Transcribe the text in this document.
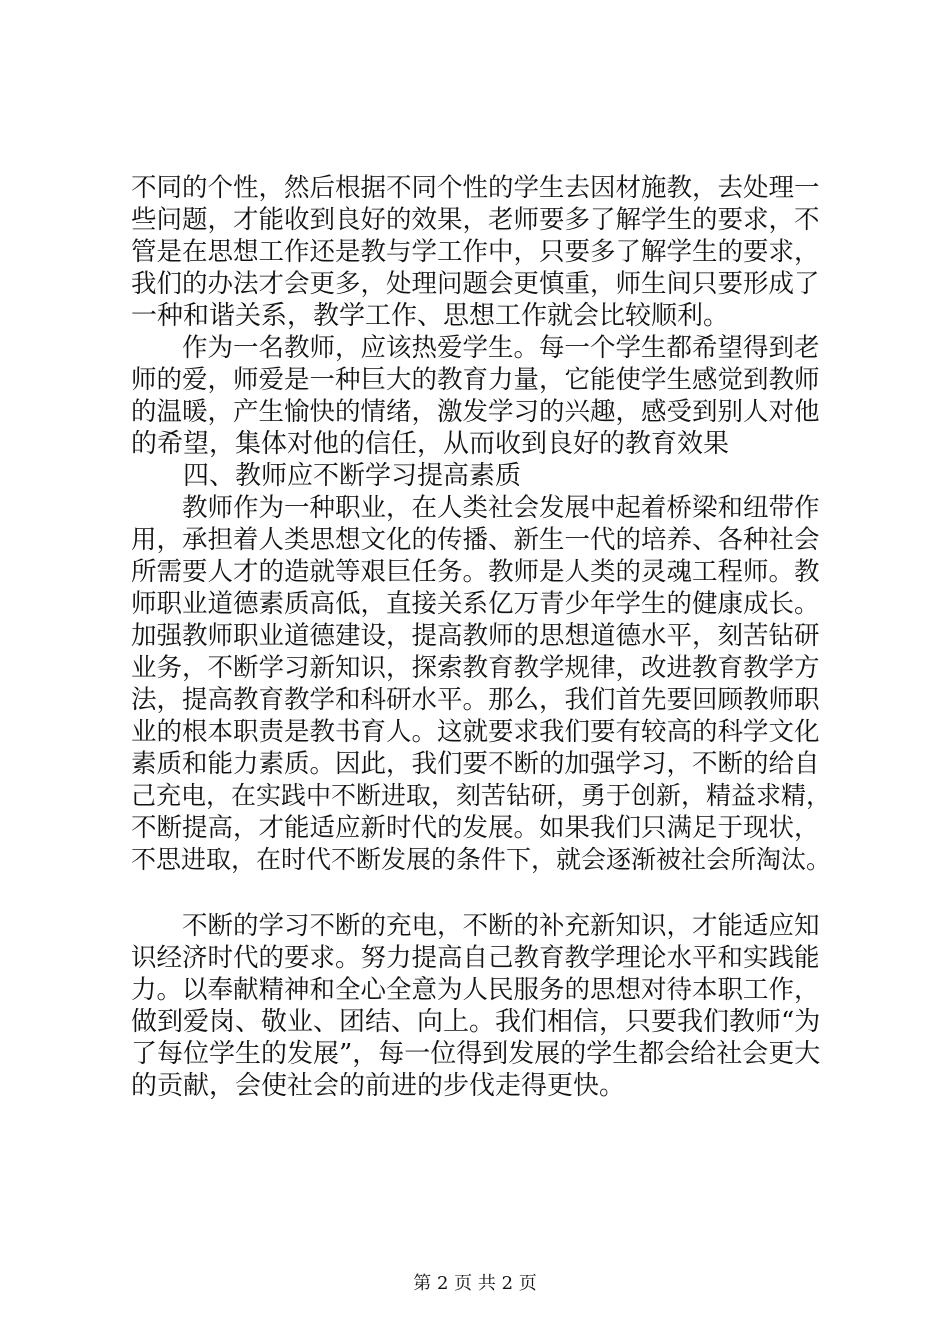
不同的个性，然后根据不同个性的学生去因材施教，去处理一
些问题，才能收到良好的效果，老师要多了解学生的要求，不
管是在思想工作还是教与学工作中，只要多了解学生的要求，
我们的办法才会更多，处理问题会更慎重，师生间只要形成了
一种和谐关系，教学工作、思想工作就会比较顺利。
　　作为一名教师，应该热爱学生。每一个学生都希望得到老
师的爱，师爱是一种巨大的教育力量，它能使学生感觉到教师
的温暖，产生愉快的情绪，激发学习的兴趣，感受到别人对他
的希望，集体对他的信任，从而收到良好的教育效果
　　四、教师应不断学习提高素质
　　教师作为一种职业，在人类社会发展中起着桥梁和纽带作
用，承担着人类思想文化的传播、新生一代的培养、各种社会
所需要人才的造就等艰巨任务。教师是人类的灵魂工程师。教
师职业道德素质高低，直接关系亿万青少年学生的健康成长。
加强教师职业道德建设，提高教师的思想道德水平，刻苦钻研
业务，不断学习新知识，探索教育教学规律，改进教育教学方
法，提高教育教学和科研水平。那么，我们首先要回顾教师职
业的根本职责是教书育人。这就要求我们要有较高的科学文化
素质和能力素质。因此，我们要不断的加强学习，不断的给自
己充电，在实践中不断进取，刻苦钻研，勇于创新，精益求精，
不断提高，才能适应新时代的发展。如果我们只满足于现状，
不思进取，在时代不断发展的条件下，就会逐渐被社会所淘汰。
　　不断的学习不断的充电，不断的补充新知识，才能适应知
识经济时代的要求。努力提高自己教育教学理论水平和实践能
力。以奉献精神和全心全意为人民服务的思想对待本职工作，
做到爱岗、敬业、团结、向上。我们相信，只要我们教师“为
了每位学生的发展”，每一位得到发展的学生都会给社会更大
的贡献，会使社会的前进的步伐走得更快。
第 2 页 共 2 页
